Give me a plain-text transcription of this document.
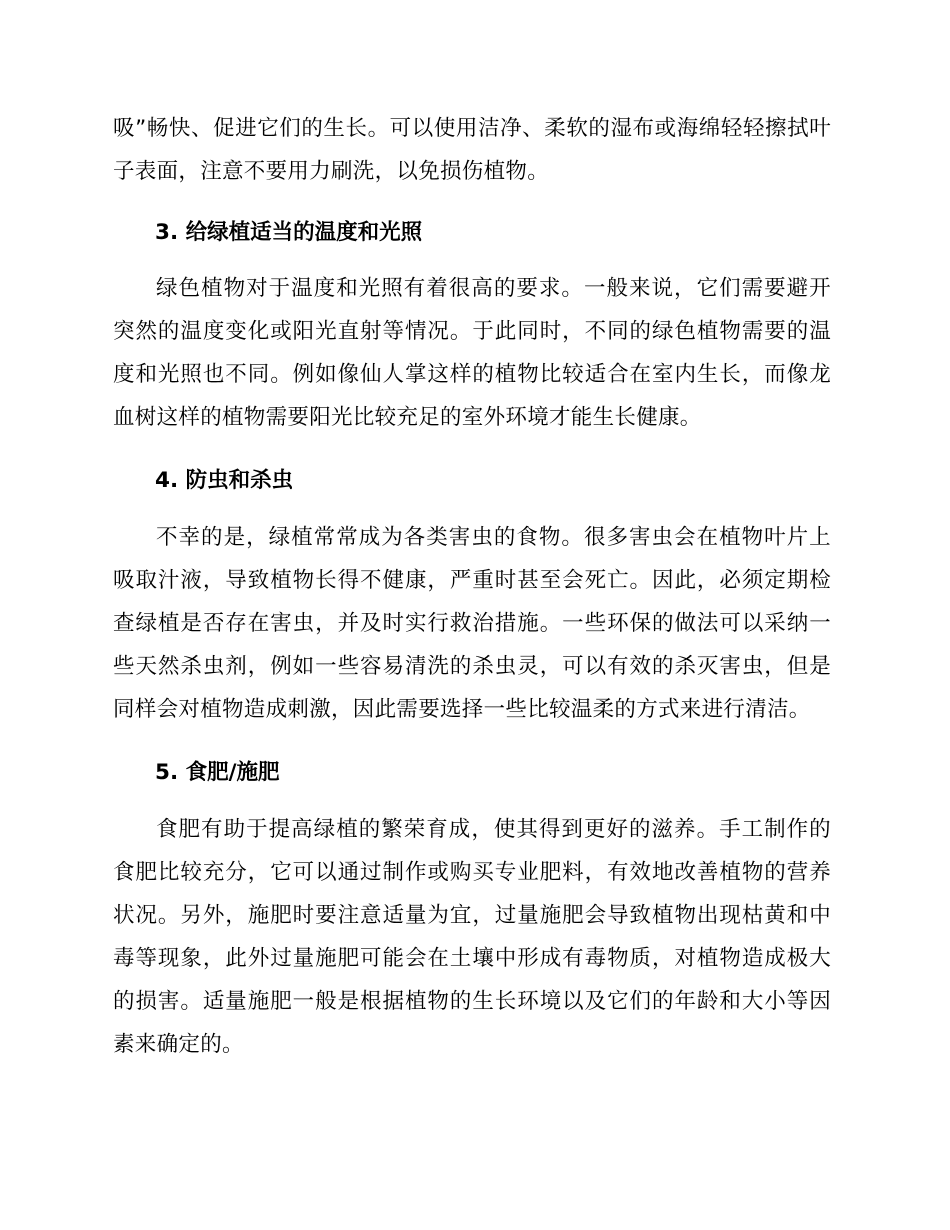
吸”畅快、促进它们的生长。可以使用洁净、柔软的湿布或海绵轻轻擦拭叶子表面，注意不要用力刷洗，以免损伤植物。

3. 给绿植适当的温度和光照

绿色植物对于温度和光照有着很高的要求。一般来说，它们需要避开突然的温度变化或阳光直射等情况。于此同时，不同的绿色植物需要的温度和光照也不同。例如像仙人掌这样的植物比较适合在室内生长，而像龙血树这样的植物需要阳光比较充足的室外环境才能生长健康。

4. 防虫和杀虫

不幸的是，绿植常常成为各类害虫的食物。很多害虫会在植物叶片上吸取汁液，导致植物长得不健康，严重时甚至会死亡。因此，必须定期检查绿植是否存在害虫，并及时实行救治措施。一些环保的做法可以采纳一些天然杀虫剂，例如一些容易清洗的杀虫灵，可以有效的杀灭害虫，但是同样会对植物造成刺激，因此需要选择一些比较温柔的方式来进行清洁。

5. 食肥/施肥

食肥有助于提高绿植的繁荣育成，使其得到更好的滋养。手工制作的食肥比较充分，它可以通过制作或购买专业肥料，有效地改善植物的营养状况。另外，施肥时要注意适量为宜，过量施肥会导致植物出现枯黄和中毒等现象，此外过量施肥可能会在土壤中形成有毒物质，对植物造成极大的损害。适量施肥一般是根据植物的生长环境以及它们的年龄和大小等因素来确定的。
